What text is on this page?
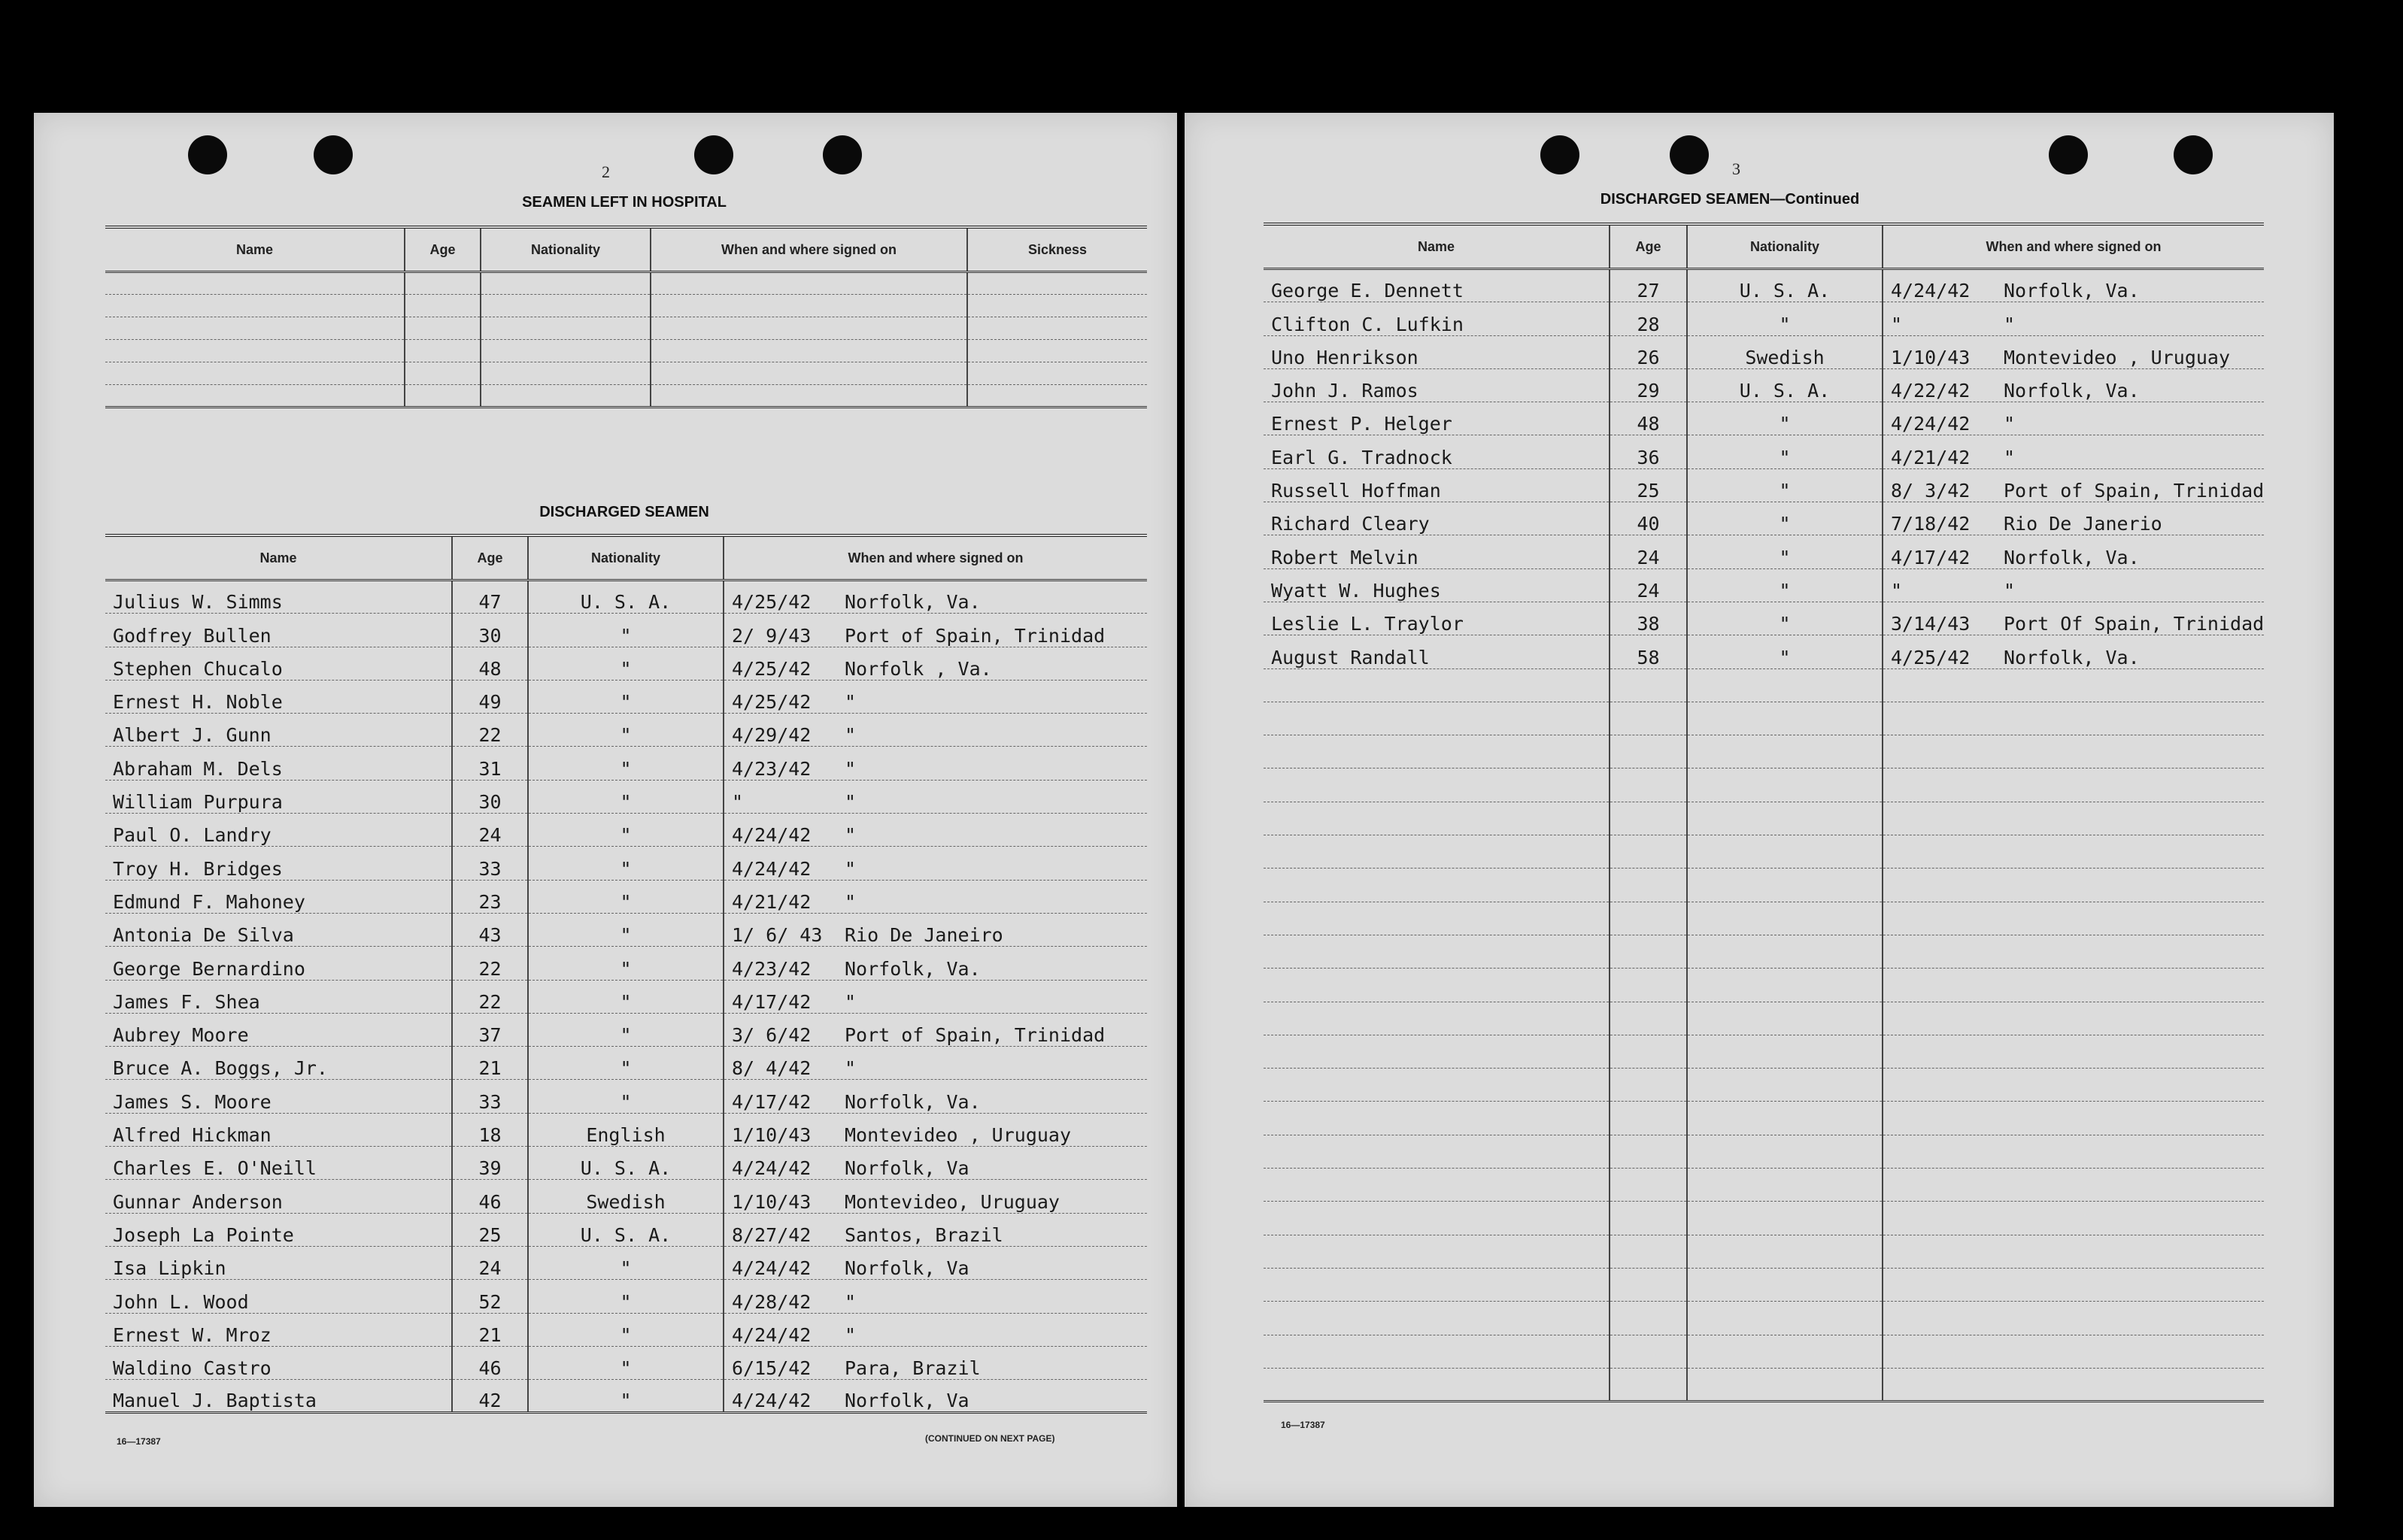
2
SEAMEN LEFT IN HOSPITAL
Name	Age	Nationality	When and where signed on	Sickness

DISCHARGED SEAMEN
Name	Age	Nationality	When and where signed on
Julius W. Simms	47	U. S. A.	4/25/42 Norfolk, Va.
Godfrey Bullen	30	"	2/ 9/43 Port of Spain, Trinidad
Stephen Chucalo	48	"	4/25/42 Norfolk , Va.
Ernest H. Noble	49	"	4/25/42 "
Albert J. Gunn	22	"	4/29/42 "
Abraham M. Dels	31	"	4/23/42 "
William Purpura	30	"	" "
Paul O. Landry	24	"	4/24/42 "
Troy H. Bridges	33	"	4/24/42 "
Edmund F. Mahoney	23	"	4/21/42 "
Antonia De Silva	43	"	1/ 6/ 43 Rio De Janeiro
George Bernardino	22	"	4/23/42 Norfolk, Va.
James F. Shea	22	"	4/17/42 "
Aubrey Moore	37	"	3/ 6/42 Port of Spain, Trinidad
Bruce A. Boggs, Jr.	21	"	8/ 4/42 "
James S. Moore	33	"	4/17/42 Norfolk, Va.
Alfred Hickman	18	English	1/10/43 Montevideo , Uruguay
Charles E. O'Neill	39	U. S. A.	4/24/42 Norfolk, Va
Gunnar Anderson	46	Swedish	1/10/43 Montevideo, Uruguay
Joseph La Pointe	25	U. S. A.	8/27/42 Santos, Brazil
Isa Lipkin	24	"	4/24/42 Norfolk, Va
John L. Wood	52	"	4/28/42 "
Ernest W. Mroz	21	"	4/24/42 "
Waldino Castro	46	"	6/15/42 Para, Brazil
Manuel J. Baptista	42	"	4/24/42 Norfolk, Va
16—17387	(CONTINUED ON NEXT PAGE)
3
DISCHARGED SEAMEN—Continued
Name	Age	Nationality	When and where signed on
George E. Dennett	27	U. S. A.	4/24/42 Norfolk, Va.
Clifton C. Lufkin	28	"	" "
Uno Henrikson	26	Swedish	1/10/43 Montevideo , Uruguay
John J. Ramos	29	U. S. A.	4/22/42 Norfolk, Va.
Ernest P. Helger	48	"	4/24/42 "
Earl G. Tradnock	36	"	4/21/42 "
Russell Hoffman	25	"	8/ 3/42 Port of Spain, Trinidad
Richard Cleary	40	"	7/18/42 Rio De Janerio
Robert Melvin	24	"	4/17/42 Norfolk, Va.
Wyatt W. Hughes	24	"	" "
Leslie L. Traylor	38	"	3/14/43 Port Of Spain, Trinidad
August Randall	58	"	4/25/42 Norfolk, Va.

16—17387
